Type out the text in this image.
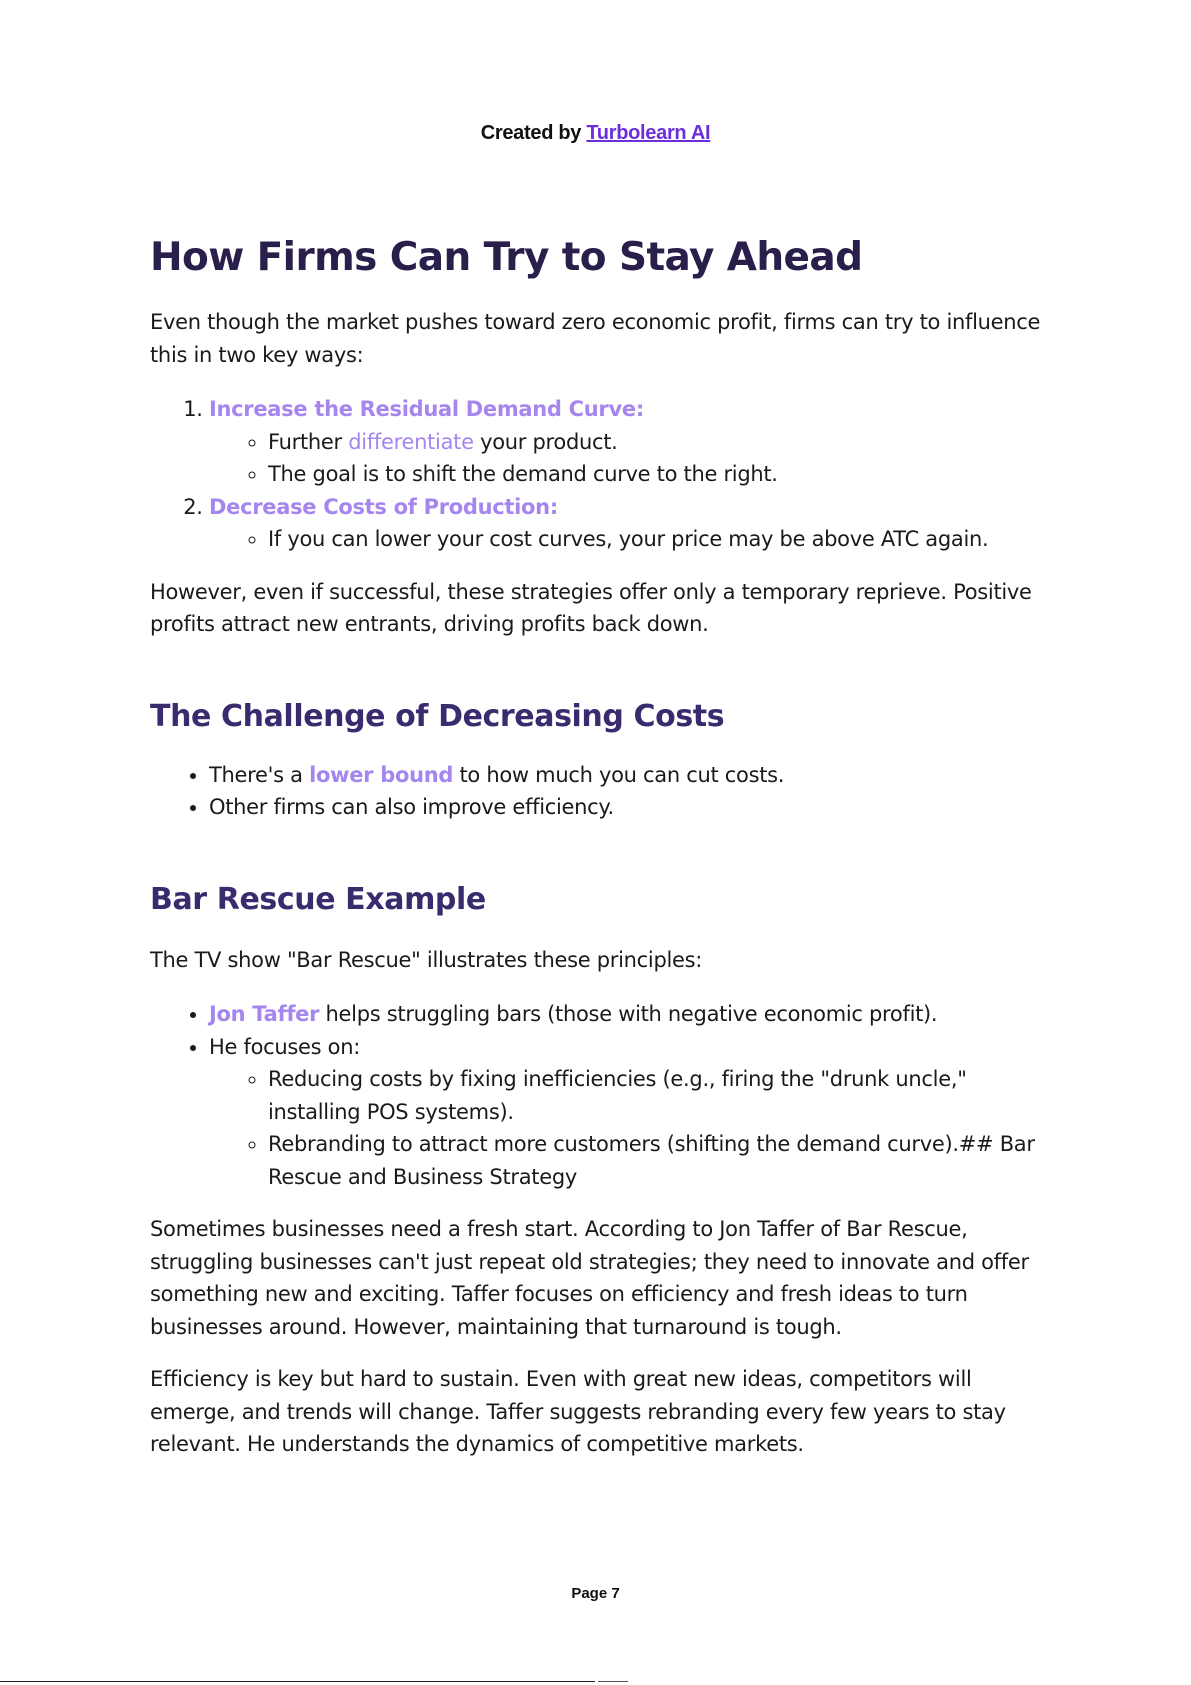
Created by Turbolearn AI
How Firms Can Try to Stay Ahead

Even though the market pushes toward zero economic profit, firms can try to influence this in two key ways:

1. Increase the Residual Demand Curve:
◦ Further differentiate your product.
◦ The goal is to shift the demand curve to the right.
2. Decrease Costs of Production:
◦ If you can lower your cost curves, your price may be above ATC again.

However, even if successful, these strategies offer only a temporary reprieve. Positive profits attract new entrants, driving profits back down.

The Challenge of Decreasing Costs
• There's a lower bound to how much you can cut costs.
• Other firms can also improve efficiency.
Bar Rescue Example

The TV show "Bar Rescue" illustrates these principles:

• Jon Taffer helps struggling bars (those with negative economic profit).
• He focuses on:
◦ Reducing costs by fixing inefficiencies (e.g., firing the "drunk uncle," installing POS systems).
◦ Rebranding to attract more customers (shifting the demand curve).## Bar Rescue and Business Strategy

Sometimes businesses need a fresh start. According to Jon Taffer of Bar Rescue, struggling businesses can't just repeat old strategies; they need to innovate and offer something new and exciting. Taffer focuses on efficiency and fresh ideas to turn businesses around. However, maintaining that turnaround is tough.

Efficiency is key but hard to sustain. Even with great new ideas, competitors will emerge, and trends will change. Taffer suggests rebranding every few years to stay relevant. He understands the dynamics of competitive markets.

Page 7
